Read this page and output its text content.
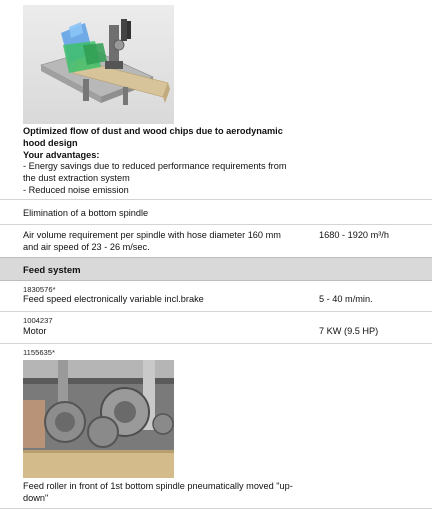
Optimized flow of dust and wood chips due to aerodynamic
hood design
Your advantages:
- Energy savings due to reduced performance requirements from
the dust extraction system
- Reduced noise emission
Elimination of a bottom spindle
Air volume requirement per spindle with hose diameter 160 mm
and air speed of 23 - 26 m/sec.
1680 - 1920 m³/h
Feed system
1830576*
Feed speed electronically variable incl.brake	5 - 40 m/min.
1004237
Motor	7 KW (9.5 HP)
1155635*
Feed roller in front of 1st bottom spindle pneumatically moved "up-
down"
